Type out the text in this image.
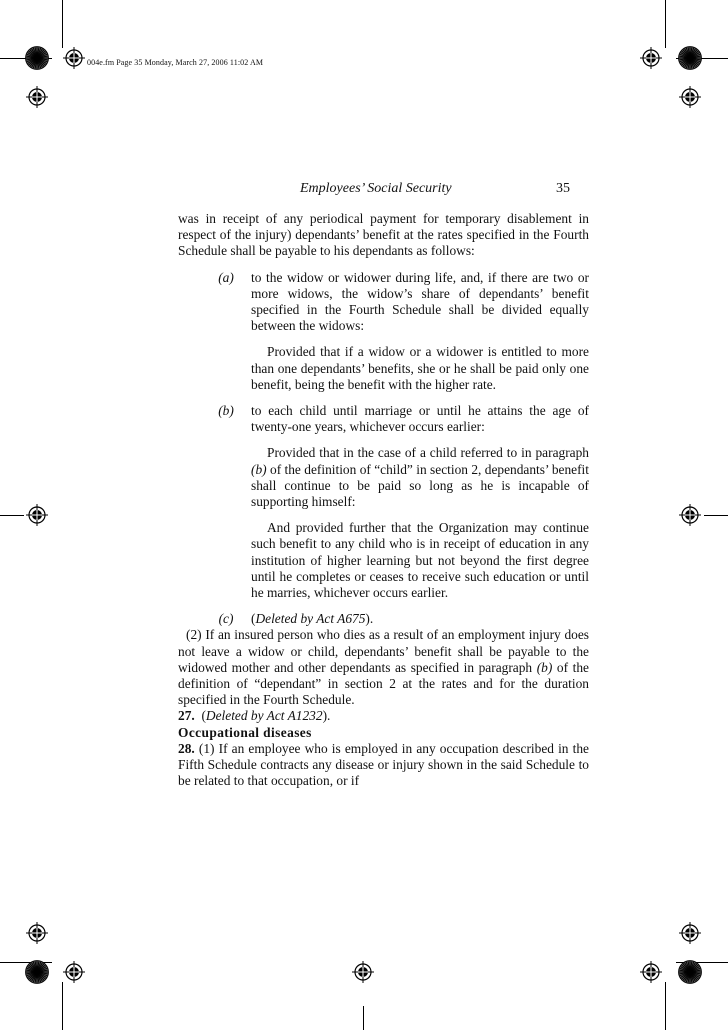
004e.fm Page 35 Monday, March 27, 2006 11:02 AM
Employees’ Social Security	35

was in receipt of any periodical payment for temporary disablement in respect of the injury) dependants’ benefit at the rates specified in the Fourth Schedule shall be payable to his dependants as follows:

(a)	to the widow or widower during life, and, if there are two or more widows, the widow’s share of dependants’ benefit specified in the Fourth Schedule shall be divided equally between the widows:

Provided that if a widow or a widower is entitled to more than one dependants’ benefits, she or he shall be paid only one benefit, being the benefit with the higher rate.

(b)	to each child until marriage or until he attains the age of twenty-one years, whichever occurs earlier:

Provided that in the case of a child referred to in paragraph (b) of the definition of “child” in section 2, dependants’ benefit shall continue to be paid so long as he is incapable of supporting himself:

And provided further that the Organization may continue such benefit to any child who is in receipt of education in any institution of higher learning but not beyond the first degree until he completes or ceases to receive such education or until he marries, whichever occurs earlier.

(c)	(Deleted by Act A675).

(2) If an insured person who dies as a result of an employment injury does not leave a widow or child, dependants’ benefit shall be payable to the widowed mother and other dependants as specified in paragraph (b) of the definition of “dependant” in section 2 at the rates and for the duration specified in the Fourth Schedule.

27. (Deleted by Act A1232).

Occupational diseases

28. (1) If an employee who is employed in any occupation described in the Fifth Schedule contracts any disease or injury shown in the said Schedule to be related to that occupation, or if
